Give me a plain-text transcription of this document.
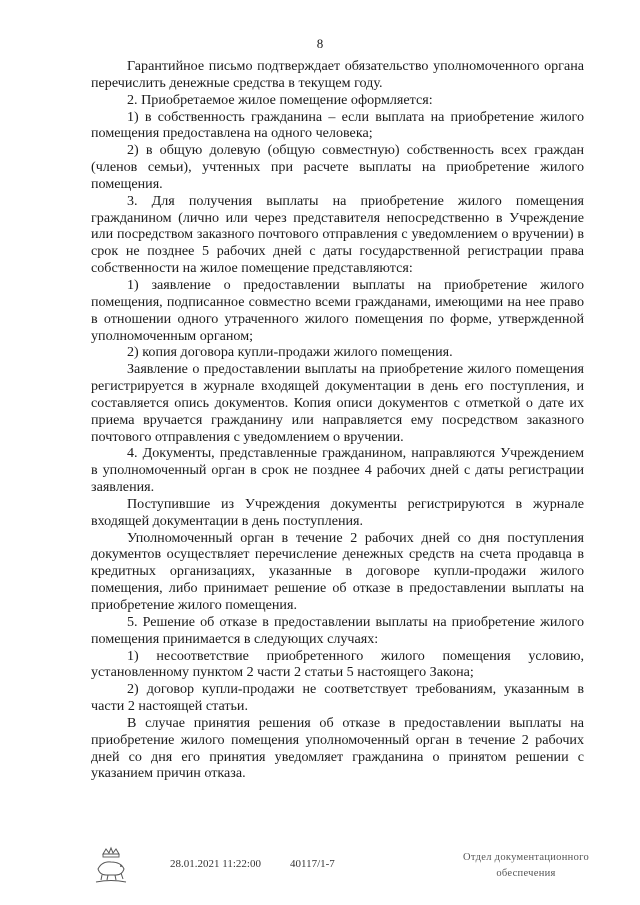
8

Гарантийное письмо подтверждает обязательство уполномоченного органа перечислить денежные средства в текущем году.

2. Приобретаемое жилое помещение оформляется:

1) в собственность гражданина – если выплата на приобретение жилого помещения предоставлена на одного человека;

2) в общую долевую (общую совместную) собственность всех граждан (членов семьи), учтенных при расчете выплаты на приобретение жилого помещения.

3. Для получения выплаты на приобретение жилого помещения гражданином (лично или через представителя непосредственно в Учреждение или посредством заказного почтового отправления с уведомлением о вручении) в срок не позднее 5 рабочих дней с даты государственной регистрации права собственности на жилое помещение представляются:

1) заявление о предоставлении выплаты на приобретение жилого помещения, подписанное совместно всеми гражданами, имеющими на нее право в отношении одного утраченного жилого помещения по форме, утвержденной уполномоченным органом;

2) копия договора купли-продажи жилого помещения.

Заявление о предоставлении выплаты на приобретение жилого помещения регистрируется в журнале входящей документации в день его поступления, и составляется опись документов. Копия описи документов с отметкой о дате их приема вручается гражданину или направляется ему посредством заказного почтового отправления с уведомлением о вручении.

4. Документы, представленные гражданином, направляются Учреждением в уполномоченный орган в срок не позднее 4 рабочих дней с даты регистрации заявления.

Поступившие из Учреждения документы регистрируются в журнале входящей документации в день поступления.

Уполномоченный орган в течение 2 рабочих дней со дня поступления документов осуществляет перечисление денежных средств на счета продавца в кредитных организациях, указанные в договоре купли-продажи жилого помещения, либо принимает решение об отказе в предоставлении выплаты на приобретение жилого помещения.

5. Решение об отказе в предоставлении выплаты на приобретение жилого помещения принимается в следующих случаях:

1) несоответствие приобретенного жилого помещения условию, установленному пунктом 2 части 2 статьи 5 настоящего Закона;

2) договор купли-продажи не соответствует требованиям, указанным в части 2 настоящей статьи.

В случае принятия решения об отказе в предоставлении выплаты на приобретение жилого помещения уполномоченный орган в течение 2 рабочих дней со дня его принятия уведомляет гражданина о принятом решении с указанием причин отказа.

28.01.2021 11:22:00	40117/1-7
Отдел документационного
обеспечения
